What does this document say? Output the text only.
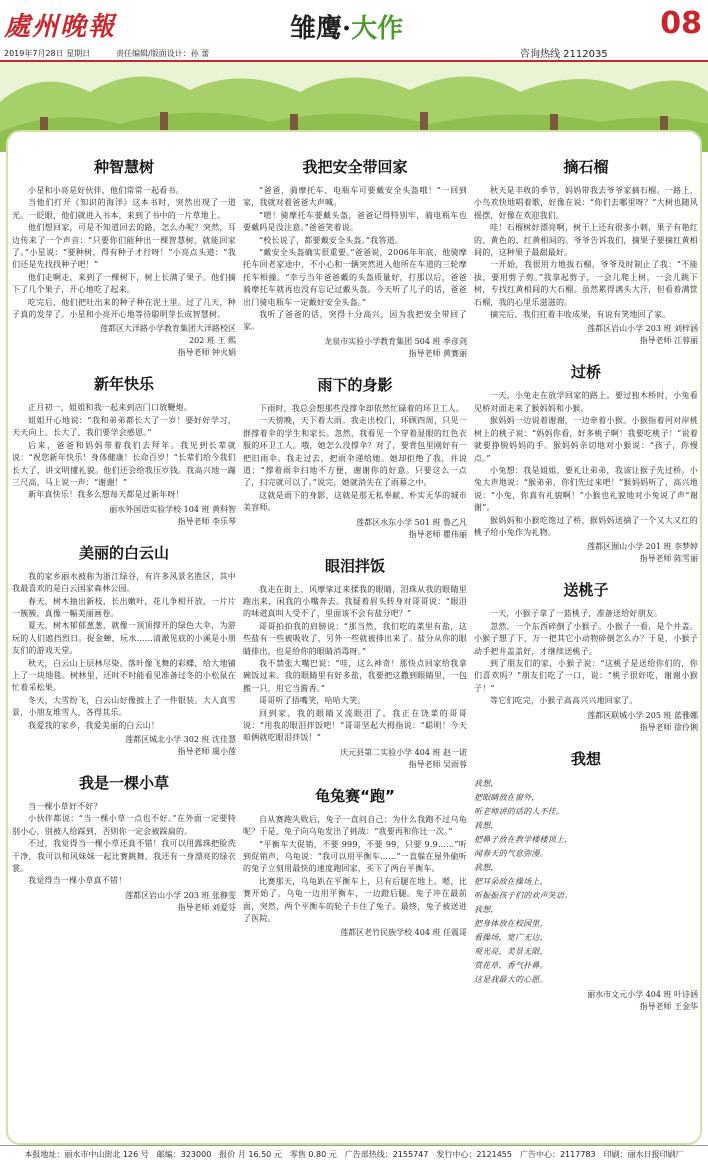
處州晚報	雏鹰·大作
咨询热线 2112035
08
2019年7月28日 星期日	责任编辑/版面设计：孙 蕾
种智慧树

小星和小亮是好伙伴，他们常常一起看书。

当他们打开《知识的海洋》这本书时，突然出现了一道光。一眨眼，他们就进入书本，来到了书中的一片草地上。

他们想回家，可是不知道回去的路，怎么办呢？突然，耳边传来了一个声音：“只要你们能种出一棵智慧树，就能回家了。”小星说：“要种树，得有种子才行呀！”小亮点头道：“我们还是先找找种子吧！”

他们走啊走，来到了一棵树下，树上长满了果子。他们摘下了几个果子，开心地吃了起来。

吃完后，他们把吐出来的种子种在泥土里。过了几天，种子真的发芽了。小星和小亮开心地等待聪明芽长成智慧树。

莲都区大洋路小学教育集团大洋路校区
202 班 王 熙
指导老师 钟火娟
新年快乐

正月初一，姐姐和我一起来到店门口放鞭炮。

姐姐开心地说：“我和弟弟都长大了一岁！要好好学习，天天向上。长大了，我们要学会感恩。”

后来，爸爸和妈妈带着我们去拜年。我见到长辈就说：“祝您新年快乐！身体健康！长命百岁！”长辈们给今我们长大了，讲文明懂礼貌。他们还会给我压岁钱。我高兴地一蹦三尺高，马上说一声：“谢谢！”

新年真快乐！我多么想每天都是过新年呀！

丽水外国语实验学校 104 班 黄科智
指导老师 李乐琴
美丽的白云山

我的家乡丽水被称为浙江绿谷，有许多风景名胜区，其中我最喜欢的是白云国家森林公园。

春天，树木抽出新枝，长出嫩叶，花儿争相开放，一片片一簇簇，真像一幅美丽画卷。

夏天，树木郁郁葱葱，就像一顶顶撑开的绿色大伞，为游玩的人们遮挡烈日。捉金蝉、玩水……清澈见底的小溪是小朋友们的游戏天堂。

秋天，白云山上层林尽染。落叶像飞舞的彩蝶，给大地铺上了一块地毯。树林里，还时不时能看见准备过冬的小松鼠在忙着采松果。

冬天，大雪纷飞，白云山好像披上了一件银装。大人真雪景，小朋友堆雪人，各得其乐。

我爱我的家乡，我爱美丽的白云山！

莲都区城北小学 302 班 沈佳慧
指导老师 虞小莲
我是一棵小草

当一棵小草好不好？

小伙伴都说：“当一棵小草一点也不好。”在外面一定要特别小心，别被人给踩到，否则你一定会被踩扁的。

不过，我觉得当一棵小草还真不错！我可以用露珠把脸洗干净，我可以和风妹妹一起比赛跳舞，我还有一身漂亮的绿衣裳。

我觉得当一棵小草真不错！

莲都区岩山小学 203 班 张静雯
指导老师 刘爱芬
我把安全带回家

“爸爸，骑摩托车、电瓶车可要戴安全头盔哦！”一回到家，我就对着爸爸大声喊。

“嗯！骑摩托车要戴头盔，爸爸记得特别牢，骑电瓶车也要戴吗是没注意。”爸爸笑着说。

“校长说了，都要戴安全头盔。”我答道。

“戴安全头盔确实很重要。”爸爸说，2006年年底，他骑摩托车回老家途中，不小心和一辆突然进入他所在车道的三轮摩托车相撞。“幸亏当年爸爸戴的头盔质量好，打那以后，爸爸骑摩托车就再也没有忘记过戴头盔。今天听了儿子的话，爸爸出门骑电瓶车一定戴好安全头盔。”

我听了爸爸的话，突得十分高兴，因为我把安全带回了家。

龙泉市实验小学教育集团 504 班 季彦剑
指导老师 黄赛丽
雨下的身影

下雨时，我总会想那些没撑伞却依然忙碌着的环卫工人。

一天傍晚，天下着大雨。我走出校门，环顾四周，只见一群撑着伞的学生和家长。忽然，我看见一个穿着显眼的红色衣服的环卫工人。哦，她怎么没撑伞？对了，要背包里刚好有一把旧雨伞。我走过去，把雨伞递给她。她却拒绝了我，并说道：“撑着雨伞扫地不方便，谢谢你的好意。只要这么一点了，扫完就可以了。”说完，她就消失在了雨幕之中。

这就是雨下的身影，这就是那无私奉献、朴实无华的城市美容师。

莲都区水东小学 501 班 鲁乙凡
指导老师 瞿伟丽
眼泪拌饭

我走在街上，风摩挲过来揉我的眼睛，泪珠从我的眼睛里跑出来，闲我的小嘴奔去。我疑着眉头转身对哥哥说：“眼泪的味道真叫人受不了，里面该不会有盐分吧？”

哥哥拍拍我的肩膀说：“那当然，我们吃的菜里有盐，这些盐有一些被吸收了，另外一些就被排出来了。盐分从你的眼睛排出，也是给你的眼睛消毒呀。”

我不禁张大嘴巴说：“哇，这么神奇！那快点回家给我拿碗饭过来。我的眼睛里有好多盐，我要把这撒到眼睛里，一包搬一只，用它当酱香。”

哥哥听了捂嘴笑，哈哈大笑。

回到家，我的眼睛又流眼泪了。我正在饶菜的哥哥说：“用我的眼泪拌饭吧！”哥哥坚起大拇指说：“聪明！今天咱俩就吃眼泪拌饭！”

庆元县第二实验小学 404 班 赵一诺
指导老师 吴雨蓉
龟兔赛“跑”

自从赛跑失败后，兔子一直问自己：为什么我跑不过乌龟呢？于是，兔子向乌龟发出了挑战：“我要再和你比一次。”

“平衡车大促销，不要 999，不要 99，只要 9.9……”听到促销声，乌龟说：“我可以用平衡车……”一直躲在屋外偷听的兔子立刻用最快的速度跑回家，买下了两台平衡车。

比赛那天，乌龟趴在平衡车上，只有后腿在地上。嗯，比赛开始了。乌龟一边用平衡车，一边蹬后腿。兔子冲在最前面，突然，两个平衡车的轮子卡住了兔子。最终，兔子被送进了医院。

莲都区老竹民族学校 404 班 任震哥
摘石榴

秋天是丰收的季节，妈妈带我去爷爷家摘石榴。一路上，小鸟欢快地唱着歌，好像在说：“你们去哪里呀？”大树也随风摇摆，好像在欢迎我们。

哇！石榴树好漂亮啊，树干上还有很多小刺，果子有艳红的、黄色的、红黄相间的。爷爷告诉我们，摘果子要摘红黄相间的，这种果子最甜最好。

一开始，我很用力地拔石榴，爷爷及时制止了我：“不能拔，要用剪子剪。”我拿起剪子，一会儿爬上树，一会儿跳下树，专找红黄相间的大石榴。虽然累得满头大汗，但看着满筐石榴，我的心里乐滋滋的。

摘完后，我们扛着丰收成果，有说有笑地回了家。

莲都区岩山小学 203 班 刘梓涵
指导老师 江蓉丽
过桥

一天，小兔走在放学回家的路上。要过独木桥时，小兔看见桥对面走来了猴妈妈和小猴。

猴妈妈一边说着谢谢，一边牵着小猴。小猴指着河对岸桃树上的桃子说：“妈妈你看，好多桃子啊！我要吃桃子！”说着就要挣脱妈妈的手。猴妈妈亲切地对小猴说：“孩子，你慢点。”

小兔想：我是姐姐，要礼让弟弟，我该让猴子先过桥。小兔大声地说：“猴弟弟，你们先过来吧！”猴妈妈听了，高兴地说：“小兔，你真有礼貌啊！”小猴也礼貌地对小兔说了声“谢谢”。

猴妈妈和小猴吃饱过了桥，猴妈妈送摘了一个又大又红的桃子给小兔作为礼物。

莲都区囿山小学 201 班 李梦婷
指导老师 陈雪丽
送桃子

一天，小猴子拿了一篮桃子，准备送给好朋友。

忽然，一个东西碎倒了小猴子。小猴子一看，是个井盖。小猴子想了下，万一把其它小动物碎倒怎么办？于是，小猴子动手把井盖盖好，才继续送桃子。

到了朋友们的家，小猴子说：“这桃子是送给你们的，你们喜欢吗？”朋友们吃了一口，说：“桃子很好吃，谢谢小猴子！”

等它们吃完，小猴子高高兴兴地回家了。

莲都区联城小学 205 班 蓝雅娜
指导老师 徐伶俐
我想

我想，

把眼睛放在窗外，

听老师讲的话的人不佳。

我想，

把鼻子放在教学楼楼顶上，

闻春天的气息弥漫。

我想，

把耳朵放在操场上，

听振振孩子们的欢声笑语。

我想，

把身体放在校园里，

看操场，宽广无边，

观光亮，美景无限，

赏花草，香气扑鼻。

这是我最大的心愿。

丽水市文元小学 404 班 叶诗涵
指导老师 王金华
本报地址：丽水市中山街北 126 号　邮编：323000　报价 月 16.50 元　零售 0.80 元　广告部热线：2155747　发行中心：2121455　广告中心：2117783　印刷：丽水日报印刷厂
